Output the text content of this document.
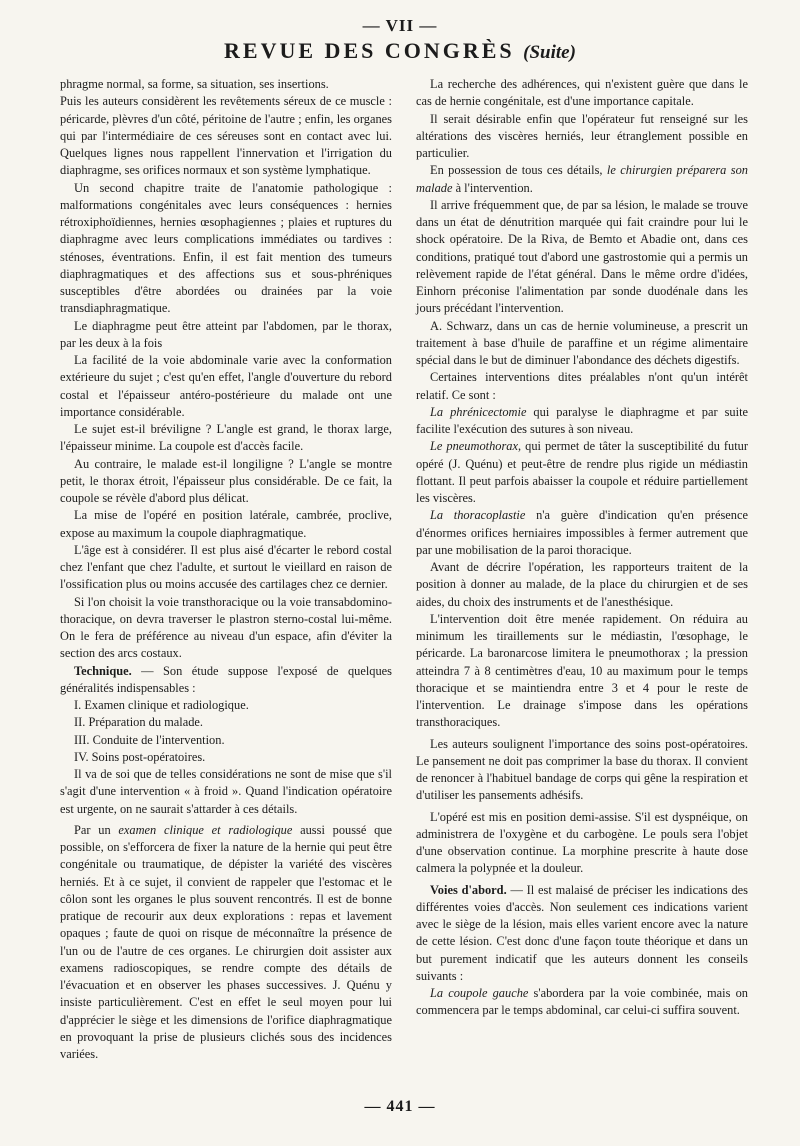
— VII —
REVUE DES CONGRÈS (Suite)

phragme normal, sa forme, sa situation, ses insertions.

Puis les auteurs considèrent les revêtements séreux de ce muscle : péricarde, plèvres d'un côté, péritoine de l'autre ; enfin, les organes qui par l'intermédiaire de ces séreuses sont en contact avec lui. Quelques lignes nous rappellent l'innervation et l'irrigation du diaphragme, ses orifices normaux et son système lymphatique.

Un second chapitre traite de l'anatomie pathologique : malformations congénitales avec leurs conséquences : hernies rétroxiphoïdiennes, hernies œsophagiennes ; plaies et ruptures du diaphragme avec leurs complications immédiates ou tardives : sténoses, éventrations. Enfin, il est fait mention des tumeurs diaphragmatiques et des affections sus et sous-phréniques susceptibles d'être abordées ou drainées par la voie transdiaphragmatique.

Le diaphragme peut être atteint par l'abdomen, par le thorax, par les deux à la fois

La facilité de la voie abdominale varie avec la conformation extérieure du sujet ; c'est qu'en effet, l'angle d'ouverture du rebord costal et l'épaisseur antéro-postérieure du malade ont une importance considérable.

Le sujet est-il bréviligne ? L'angle est grand, le thorax large, l'épaisseur minime. La coupole est d'accès facile.

Au contraire, le malade est-il longiligne ? L'angle se montre petit, le thorax étroit, l'épaisseur plus considérable. De ce fait, la coupole se révèle d'abord plus délicat.

La mise de l'opéré en position latérale, cambrée, proclive, expose au maximum la coupole diaphragmatique.

L'âge est à considérer. Il est plus aisé d'écarter le rebord costal chez l'enfant que chez l'adulte, et surtout le vieillard en raison de l'ossification plus ou moins accusée des cartilages chez ce dernier.

Si l'on choisit la voie transthoracique ou la voie transabdomino-thoracique, on devra traverser le plastron sterno-costal lui-même. On le fera de préférence au niveau d'un espace, afin d'éviter la section des arcs costaux.

Technique. — Son étude suppose l'exposé de quelques généralités indispensables :

I. Examen clinique et radiologique.

II. Préparation du malade.

III. Conduite de l'intervention.

IV. Soins post-opératoires.

Il va de soi que de telles considérations ne sont de mise que s'il s'agit d'une intervention « à froid ». Quand l'indication opératoire est urgente, on ne saurait s'attarder à ces détails.

Par un examen clinique et radiologique aussi poussé que possible, on s'efforcera de fixer la nature de la hernie qui peut être congénitale ou traumatique, de dépister la variété des viscères herniés. Et à ce sujet, il convient de rappeler que l'estomac et le côlon sont les organes le plus souvent rencontrés. Il est de bonne pratique de recourir aux deux explorations : repas et lavement opaques ; faute de quoi on risque de méconnaître la présence de l'un ou de l'autre de ces organes. Le chirurgien doit assister aux examens radioscopiques, se rendre compte des détails de l'évacuation et en observer les phases successives. J. Quénu y insiste particulièrement. C'est en effet le seul moyen pour lui d'apprécier le siège et les dimensions de l'orifice diaphragmatique en provoquant la prise de plusieurs clichés sous des incidences variées.

La recherche des adhérences, qui n'existent guère que dans le cas de hernie congénitale, est d'une importance capitale.

Il serait désirable enfin que l'opérateur fut renseigné sur les altérations des viscères herniés, leur étranglement possible en particulier.

En possession de tous ces détails, le chirurgien préparera son malade à l'intervention.

Il arrive fréquemment que, de par sa lésion, le malade se trouve dans un état de dénutrition marquée qui fait craindre pour lui le shock opératoire. De la Riva, de Bemto et Abadie ont, dans ces conditions, pratiqué tout d'abord une gastrostomie qui a permis un relèvement rapide de l'état général. Dans le même ordre d'idées, Einhorn préconise l'alimentation par sonde duodénale dans les jours précédant l'intervention.

A. Schwarz, dans un cas de hernie volumineuse, a prescrit un traitement à base d'huile de paraffine et un régime alimentaire spécial dans le but de diminuer l'abondance des déchets digestifs.

Certaines interventions dites préalables n'ont qu'un intérêt relatif. Ce sont :

La phrénicectomie qui paralyse le diaphragme et par suite facilite l'exécution des sutures à son niveau.

Le pneumothorax, qui permet de tâter la susceptibilité du futur opéré (J. Quénu) et peut-être de rendre plus rigide un médiastin flottant. Il peut parfois abaisser la coupole et réduire partiellement les viscères.

La thoracoplastie n'a guère d'indication qu'en présence d'énormes orifices herniaires impossibles à fermer autrement que par une mobilisation de la paroi thoracique.

Avant de décrire l'opération, les rapporteurs traitent de la position à donner au malade, de la place du chirurgien et de ses aides, du choix des instruments et de l'anesthésique.

L'intervention doit être menée rapidement. On réduira au minimum les tiraillements sur le médiastin, l'œsophage, le péricarde. La baronarcose limitera le pneumothorax ; la pression atteindra 7 à 8 centimètres d'eau, 10 au maximum pour le temps thoracique et se maintiendra entre 3 et 4 pour le reste de l'intervention. Le drainage s'impose dans les opérations transthoraciques.

Les auteurs soulignent l'importance des soins post-opératoires. Le pansement ne doit pas comprimer la base du thorax. Il convient de renoncer à l'habituel bandage de corps qui gêne la respiration et d'utiliser les pansements adhésifs.

L'opéré est mis en position demi-assise. S'il est dyspnéique, on administrera de l'oxygène et du carbogène. Le pouls sera l'objet d'une observation continue. La morphine prescrite à haute dose calmera la polypnée et la douleur.

Voies d'abord. — Il est malaisé de préciser les indications des différentes voies d'accès. Non seulement ces indications varient avec le siège de la lésion, mais elles varient encore avec la nature de cette lésion. C'est donc d'une façon toute théorique et dans un but purement indicatif que les auteurs donnent les conseils suivants :

La coupole gauche s'abordera par la voie combinée, mais on commencera par le temps abdominal, car celui-ci suffira souvent.

— 441 —
